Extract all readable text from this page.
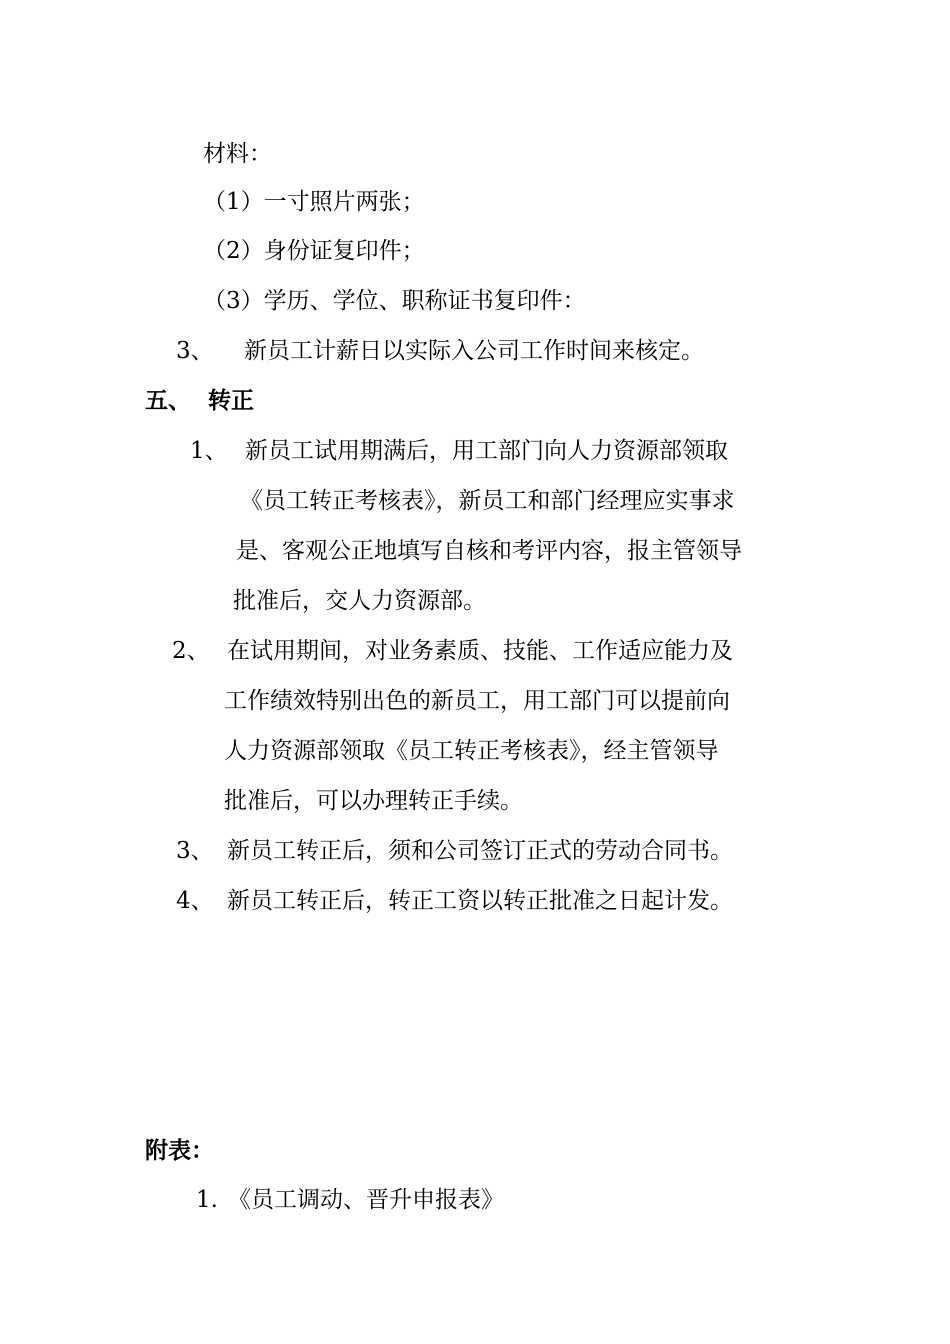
材料：
（1）一寸照片两张；
（2）身份证复印件；
（3）学历、学位、职称证书复印件：
3、 新员工计薪日以实际入公司工作时间来核定。
五、 转正
1、 新员工试用期满后，用工部门向人力资源部领取
《员工转正考核表》，新员工和部门经理应实事求
是、客观公正地填写自核和考评内容，报主管领导
批准后，交人力资源部。
2、 在试用期间，对业务素质、技能、工作适应能力及
工作绩效特别出色的新员工，用工部门可以提前向
人力资源部领取《员工转正考核表》，经主管领导
批准后，可以办理转正手续。
3、 新员工转正后，须和公司签订正式的劳动合同书。
4、 新员工转正后，转正工资以转正批准之日起计发。
附表：
1. 《员工调动、晋升申报表》
